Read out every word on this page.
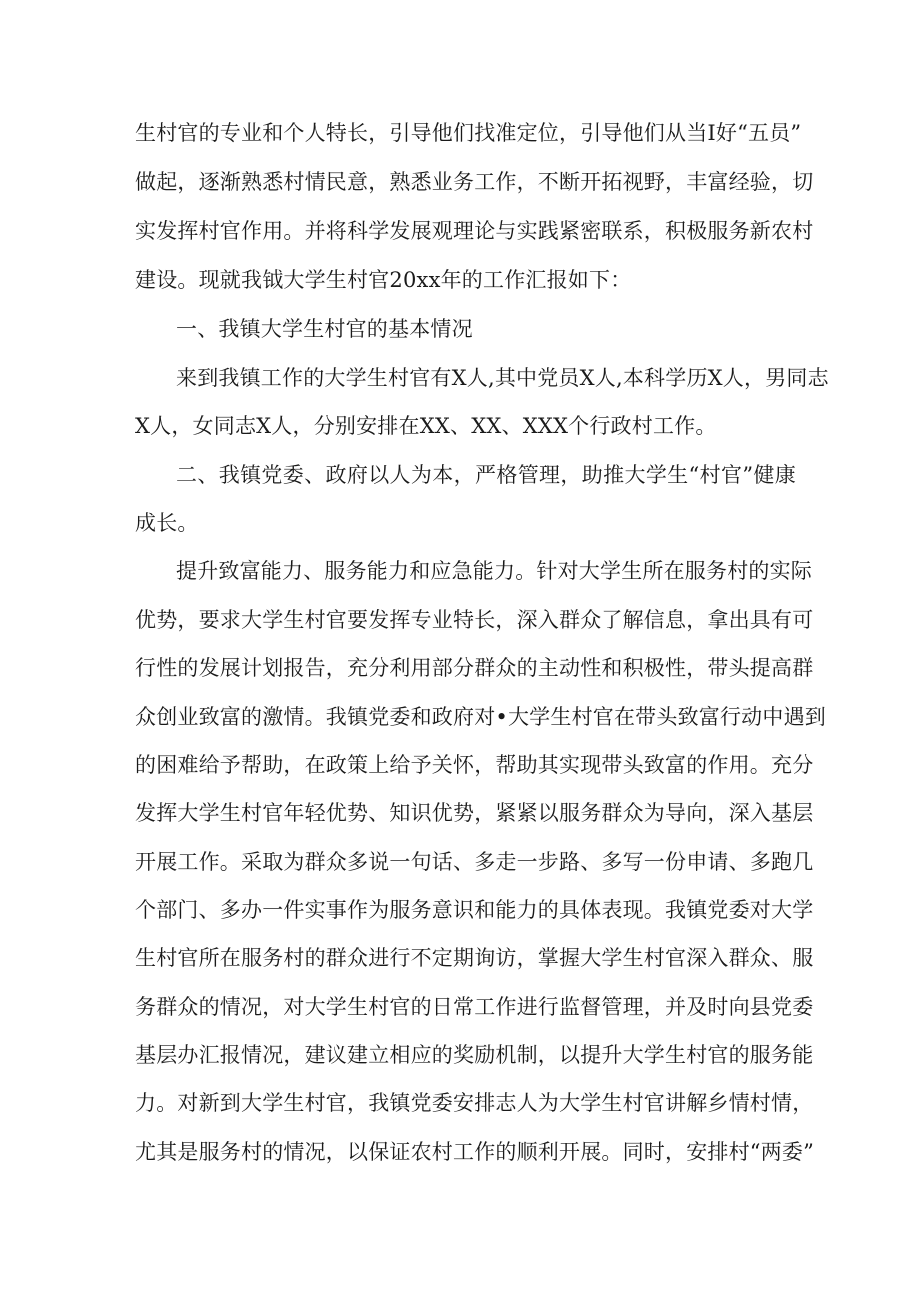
生村官的专业和个人特长，引导他们找准定位，引导他们从当I好“五员”
做起，逐渐熟悉村情民意，熟悉业务工作，不断开拓视野，丰富经验，切
实发挥村官作用。并将科学发展观理论与实践紧密联系，积极服务新农村
建设。现就我钺大学生村官20xx年的工作汇报如下：
一、我镇大学生村官的基本情况
来到我镇工作的大学生村官有X人,其中党员X人,本科学历X人，男同志
X人，女同志X人，分别安排在XX、XX、XXX个行政村工作。
二、我镇党委、政府以人为本，严格管理，助推大学生“村官”健康
成长。
提升致富能力、服务能力和应急能力。针对大学生所在服务村的实际
优势，要求大学生村官要发挥专业特长，深入群众了解信息，拿出具有可
行性的发展计划报告，充分利用部分群众的主动性和积极性，带头提高群
众创业致富的激情。我镇党委和政府对•大学生村官在带头致富行动中遇到
的困难给予帮助，在政策上给予关怀，帮助其实现带头致富的作用。充分
发挥大学生村官年轻优势、知识优势，紧紧以服务群众为导向，深入基层
开展工作。采取为群众多说一句话、多走一步路、多写一份申请、多跑几
个部门、多办一件实事作为服务意识和能力的具体表现。我镇党委对大学
生村官所在服务村的群众进行不定期询访，掌握大学生村官深入群众、服
务群众的情况，对大学生村官的日常工作进行监督管理，并及时向县党委
基层办汇报情况，建议建立相应的奖励机制，以提升大学生村官的服务能
力。对新到大学生村官，我镇党委安排志人为大学生村官讲解乡情村情，
尤其是服务村的情况，以保证农村工作的顺利开展。同时，安排村“两委”
